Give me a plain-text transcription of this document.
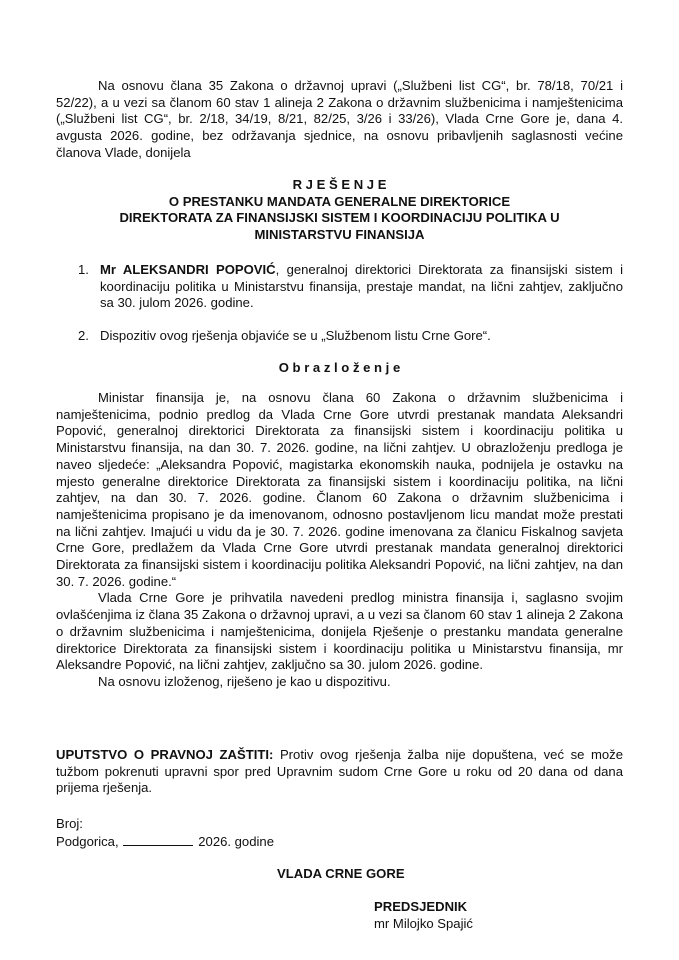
Na osnovu člana 35 Zakona o državnoj upravi („Službeni list CG“, br. 78/18, 70/21 i 52/22), a u vezi sa članom 60 stav 1 alineja 2 Zakona o državnim službenicima i namještenicima („Službeni list CG“, br. 2/18, 34/19, 8/21, 82/25, 3/26 i 33/26), Vlada Crne Gore je, dana 4. avgusta 2026. godine, bez održavanja sjednice, na osnovu pribavljenih saglasnosti većine članova Vlade, donijela

R J E Š E N J E
O PRESTANKU MANDATA GENERALNE DIREKTORICE
DIREKTORATA ZA FINANSIJSKI SISTEM I KOORDINACIJU POLITIKA U
MINISTARSTVU FINANSIJA
1. Mr ALEKSANDRI POPOVIĆ, generalnoj direktorici Direktorata za finansijski sistem i koordinaciju politika u Ministarstvu finansija, prestaje mandat, na lični zahtjev, zaključno sa 30. julom 2026. godine.

2. Dispozitiv ovog rješenja objaviće se u „Službenom listu Crne Gore“.

O b r a z l o ž e n j e

Ministar finansija je, na osnovu člana 60 Zakona o državnim službenicima i namještenicima, podnio predlog da Vlada Crne Gore utvrdi prestanak mandata Aleksandri Popović, generalnoj direktorici Direktorata za finansijski sistem i koordinaciju politika u Ministarstvu finansija, na dan 30. 7. 2026. godine, na lični zahtjev. U obrazloženju predloga je naveo sljedeće: „Aleksandra Popović, magistarka ekonomskih nauka, podnijela je ostavku na mjesto generalne direktorice Direktorata za finansijski sistem i koordinaciju politika, na lični zahtjev, na dan 30. 7. 2026. godine. Članom 60 Zakona o državnim službenicima i namještenicima propisano je da imenovanom, odnosno postavljenom licu mandat može prestati na lični zahtjev. Imajući u vidu da je 30. 7. 2026. godine imenovana za članicu Fiskalnog savjeta Crne Gore, predlažem da Vlada Crne Gore utvrdi prestanak mandata generalnoj direktorici Direktorata za finansijski sistem i koordinaciju politika Aleksandri Popović, na lični zahtjev, na dan 30. 7. 2026. godine.“

Vlada Crne Gore je prihvatila navedeni predlog ministra finansija i, saglasno svojim ovlašćenjima iz člana 35 Zakona o državnoj upravi, a u vezi sa članom 60 stav 1 alineja 2 Zakona o državnim službenicima i namještenicima, donijela Rješenje o prestanku mandata generalne direktorice Direktorata za finansijski sistem i koordinaciju politika u Ministarstvu finansija, mr Aleksandre Popović, na lični zahtjev, zaključno sa 30. julom 2026. godine.

Na osnovu izloženog, riješeno je kao u dispozitivu.

UPUTSTVO O PRAVNOJ ZAŠTITI: Protiv ovog rješenja žalba nije dopuštena, već se može tužbom pokrenuti upravni spor pred Upravnim sudom Crne Gore u roku od 20 dana od dana prijema rješenja.

Broj:
Podgorica,	2026. godine
VLADA CRNE GORE
PREDSJEDNIK
mr Milojko Spajić
